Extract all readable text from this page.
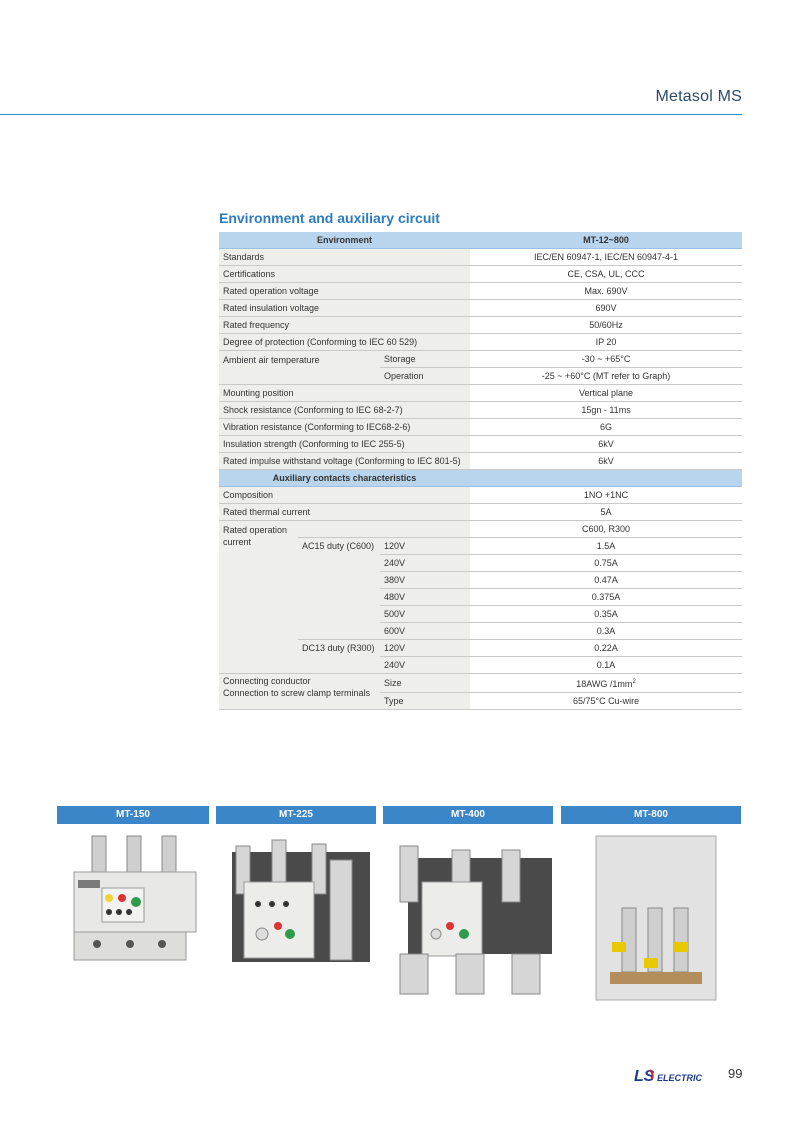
Metasol MS
Environment and auxiliary circuit
Environment			MT-12~800
Standards			IEC/EN 60947-1, IEC/EN 60947-4-1
Certifications			CE, CSA, UL, CCC
Rated operation voltage			Max. 690V
Rated insulation voltage			690V
Rated frequency			50/60Hz
Degree of protection (Conforming to IEC 60 529)			IP 20
Ambient air temperature		Storage	-30 ~ +65°C
		Operation	-25 ~ +60°C (MT refer to Graph)
Mounting position			Vertical plane
Shock resistance (Conforming to IEC 68-2-7)			15gn - 11ms
Vibration resistance (Conforming to IEC68-2-6)			6G
Insulation strength (Conforming to IEC 255-5)			6kV
Rated impulse withstand voltage (Conforming to IEC 801-5)			6kV
Auxiliary contacts characteristics			
Composition			1NO +1NC
Rated thermal current			5A
Rated operation
current			C600, R300
	AC15 duty (C600)	120V	1.5A
		240V	0.75A
		380V	0.47A
		480V	0.375A
		500V	0.35A
		600V	0.3A
	DC13 duty (R300)	120V	0.22A
		240V	0.1A
Connecting conductor
Connection to screw clamp terminals		Size	18AWG $/1mm^2$
		Type	65/75°C Cu-wire
MT-150	MT-225	MT-400	MT-800
LS ELECTRIC 99
